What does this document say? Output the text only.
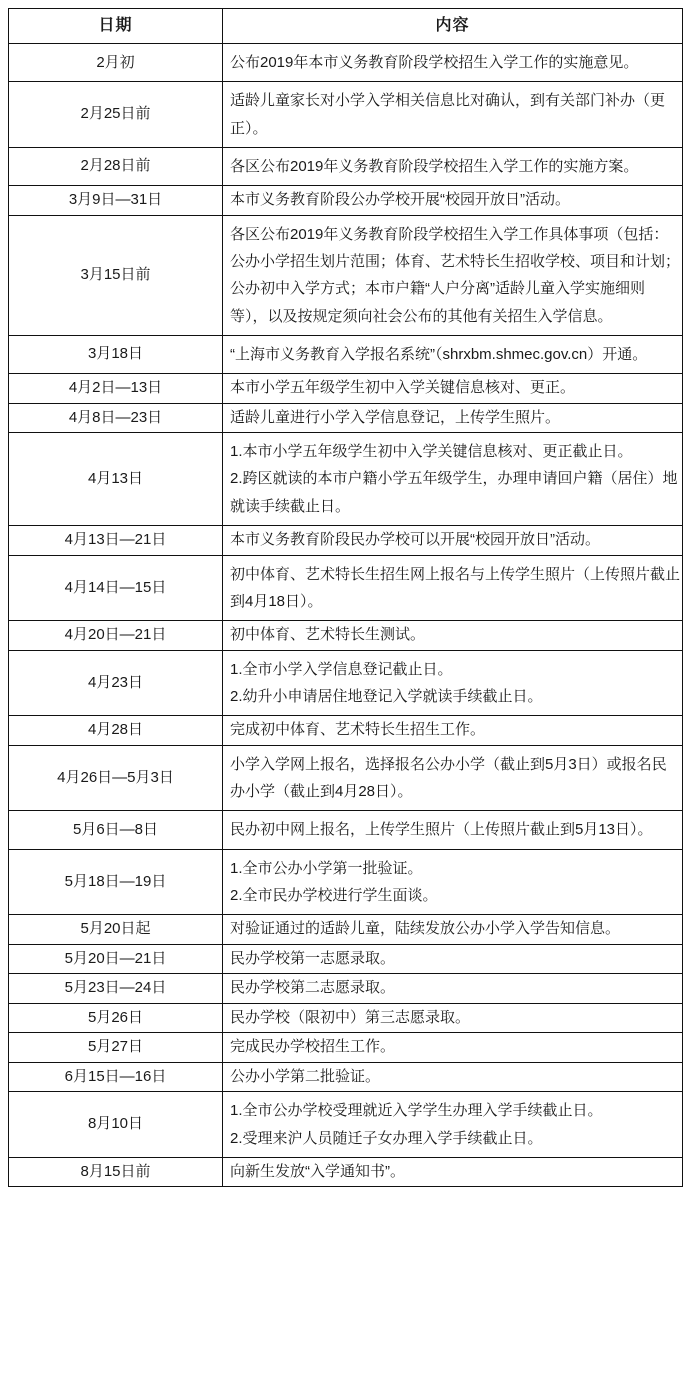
日期	内容
2月初	公布2019年本市义务教育阶段学校招生入学工作的实施意见。

2月25日前	适龄儿童家长对小学入学相关信息比对确认，到有关部门补办（更正）。

2月28日前	各区公布2019年义务教育阶段学校招生入学工作的实施方案。

3月9日—31日	本市义务教育阶段公办学校开展“校园开放日”活动。

3月15日前	各区公布2019年义务教育阶段学校招生入学工作具体事项（包括：公办小学招生划片范围；体育、艺术特长生招收学校、项目和计划；公办初中入学方式；本市户籍“人户分离”适龄儿童入学实施细则等），以及按规定须向社会公布的其他有关招生入学信息。

3月18日	“上海市义务教育入学报名系统”（shrxbm.shmec.gov.cn）开通。

4月2日—13日	本市小学五年级学生初中入学关键信息核对、更正。

4月8日—23日	适龄儿童进行小学入学信息登记，上传学生照片。

4月13日	1.本市小学五年级学生初中入学关键信息核对、更正截止日。
2.跨区就读的本市户籍小学五年级学生，办理申请回户籍（居住）地就读手续截止日。

4月13日—21日	本市义务教育阶段民办学校可以开展“校园开放日”活动。

4月14日—15日	初中体育、艺术特长生招生网上报名与上传学生照片（上传照片截止到4月18日）。

4月20日—21日	初中体育、艺术特长生测试。

4月23日	1.全市小学入学信息登记截止日。
2.幼升小申请居住地登记入学就读手续截止日。

4月28日	完成初中体育、艺术特长生招生工作。

4月26日—5月3日	小学入学网上报名，选择报名公办小学（截止到5月3日）或报名民办小学（截止到4月28日）。

5月6日—8日	民办初中网上报名，上传学生照片（上传照片截止到5月13日）。

5月18日—19日	1.全市公办小学第一批验证。
2.全市民办学校进行学生面谈。

5月20日起	对验证通过的适龄儿童，陆续发放公办小学入学告知信息。

5月20日—21日	民办学校第一志愿录取。

5月23日—24日	民办学校第二志愿录取。

5月26日	民办学校（限初中）第三志愿录取。

5月27日	完成民办学校招生工作。

6月15日—16日	公办小学第二批验证。

8月10日	1.全市公办学校受理就近入学学生办理入学手续截止日。
2.受理来沪人员随迁子女办理入学手续截止日。

8月15日前	向新生发放“入学通知书”。
